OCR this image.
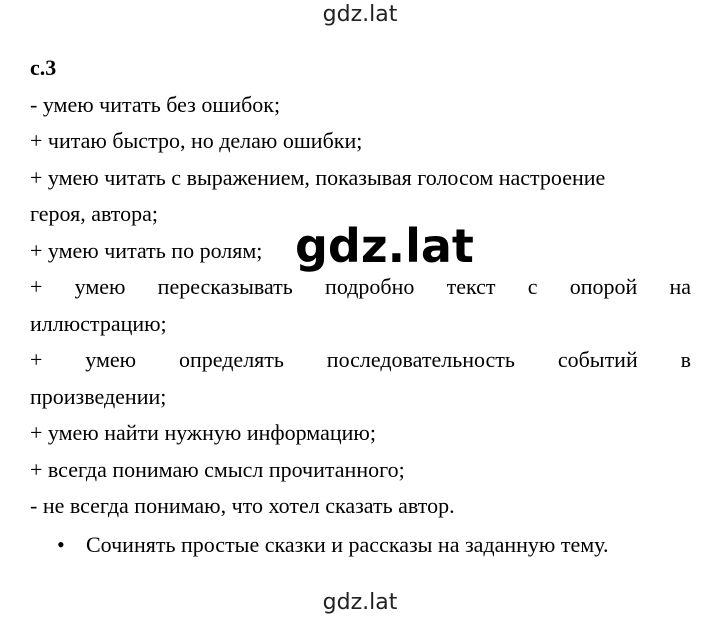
gdz.lat

с.3

- умею читать без ошибок;

+ читаю быстро, но делаю ошибки;

+ умею читать с выражением, показывая голосом настроение

героя, автора;

+ умею читать по ролям;

+ умею пересказывать подробно текст с опорой на

иллюстрацию;

+ умею определять последовательность событий в

произведении;

+ умею найти нужную информацию;

+ всегда понимаю смысл прочитанного;

- не всегда понимаю, что хотел сказать автор.

• Сочинять простые сказки и рассказы на заданную тему.

gdz.lat
gdz.lat
